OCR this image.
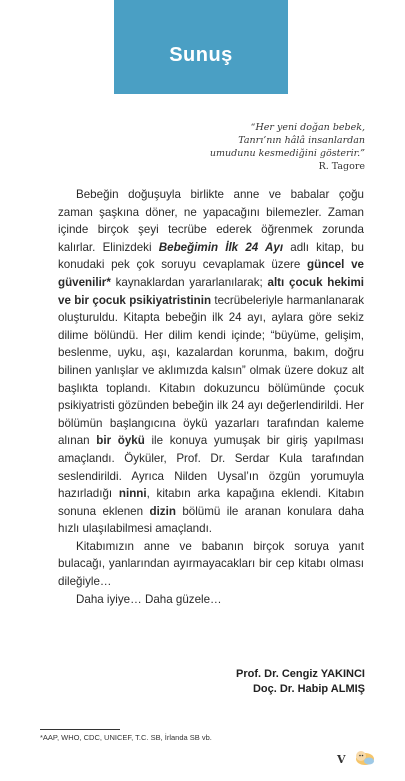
Sunuş
“Her yeni doğan bebek,
Tanrı’nın hâlâ insanlardan
umudunu kesmediğini gösterir.”
R. Tagore

Bebeğin doğuşuyla birlikte anne ve babalar çoğu zaman şaşkına döner, ne yapacağını bilemezler. Zaman içinde birçok şeyi tecrübe ederek öğrenmek zorunda kalırlar. Elinizdeki Bebeğimin İlk 24 Ayı adlı kitap, bu konudaki pek çok soruyu cevaplamak üzere güncel ve güvenilir* kaynaklardan yararlanılarak; altı çocuk hekimi ve bir çocuk psikiyatristinin tecrübeleriyle harmanlanarak oluşturuldu. Kitapta bebeğin ilk 24 ayı, aylara göre sekiz dilime bölündü. Her dilim kendi içinde; “büyüme, gelişim, beslenme, uyku, aşı, kazalardan korunma, bakım, doğru bilinen yanlışlar ve aklımızda kalsın” olmak üzere dokuz alt başlıkta toplandı. Kitabın dokuzuncu bölümünde çocuk psikiyatristi gözünden bebeğin ilk 24 ayı değerlendirildi. Her bölümün başlangıcına öykü yazarları tarafından kaleme alınan bir öykü ile konuya yumuşak bir giriş yapılması amaçlandı. Öyküler, Prof. Dr. Serdar Kula tarafından seslendirildi. Ayrıca Nilden Uysal’ın özgün yorumuyla hazırladığı ninni, kitabın arka kapağına eklendi. Kitabın sonuna eklenen dizin bölümü ile aranan konulara daha hızlı ulaşılabilmesi amaçlandı.

Kitabımızın anne ve babanın birçok soruya yanıt bulacağı, yanlarından ayırmayacakları bir cep kitabı olması dileğiyle…

Daha iyiye… Daha güzele…

Prof. Dr. Cengiz YAKINCI
Doç. Dr. Habip ALMIŞ
*AAP, WHO, CDC, UNICEF, T.C. SB, İrlanda SB vb.
V
